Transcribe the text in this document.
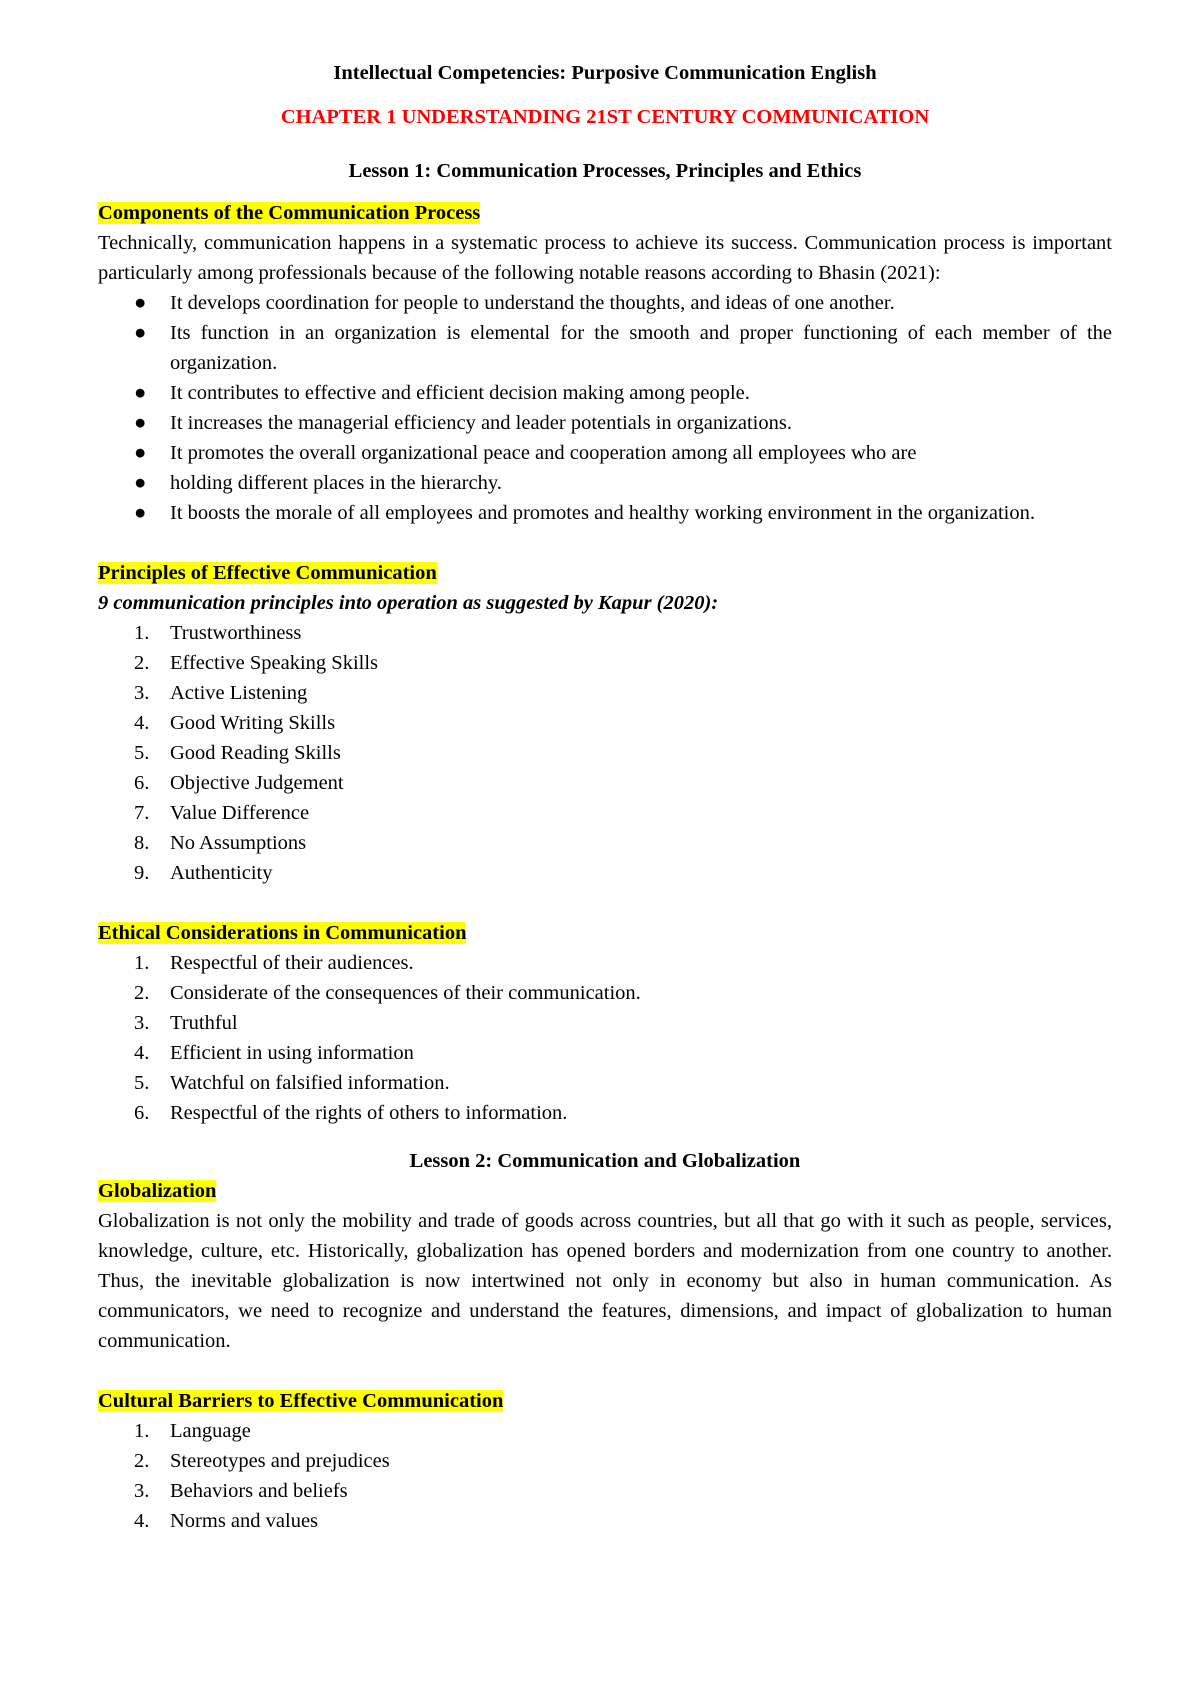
Intellectual Competencies: Purposive Communication English
CHAPTER 1 UNDERSTANDING 21ST CENTURY COMMUNICATION
Lesson 1: Communication Processes, Principles and Ethics
Components of the Communication Process

Technically, communication happens in a systematic process to achieve its success. Communication process is important particularly among professionals because of the following notable reasons according to Bhasin (2021):

● It develops coordination for people to understand the thoughts, and ideas of one another.
● Its function in an organization is elemental for the smooth and proper functioning of each member of the organization.
● It contributes to effective and efficient decision making among people.
● It increases the managerial efficiency and leader potentials in organizations.
● It promotes the overall organizational peace and cooperation among all employees who are
● holding different places in the hierarchy.
● It boosts the morale of all employees and promotes and healthy working environment in the organization.
Principles of Effective Communication
9 communication principles into operation as suggested by Kapur (2020):
1. Trustworthiness
2. Effective Speaking Skills
3. Active Listening
4. Good Writing Skills
5. Good Reading Skills
6. Objective Judgement
7. Value Difference
8. No Assumptions
9. Authenticity
Ethical Considerations in Communication
1. Respectful of their audiences.
2. Considerate of the consequences of their communication.
3. Truthful
4. Efficient in using information
5. Watchful on falsified information.
6. Respectful of the rights of others to information.
Lesson 2: Communication and Globalization
Globalization

Globalization is not only the mobility and trade of goods across countries, but all that go with it such as people, services, knowledge, culture, etc. Historically, globalization has opened borders and modernization from one country to another. Thus, the inevitable globalization is now intertwined not only in economy but also in human communication. As communicators, we need to recognize and understand the features, dimensions, and impact of globalization to human communication.

Cultural Barriers to Effective Communication
1. Language
2. Stereotypes and prejudices
3. Behaviors and beliefs
4. Norms and values
